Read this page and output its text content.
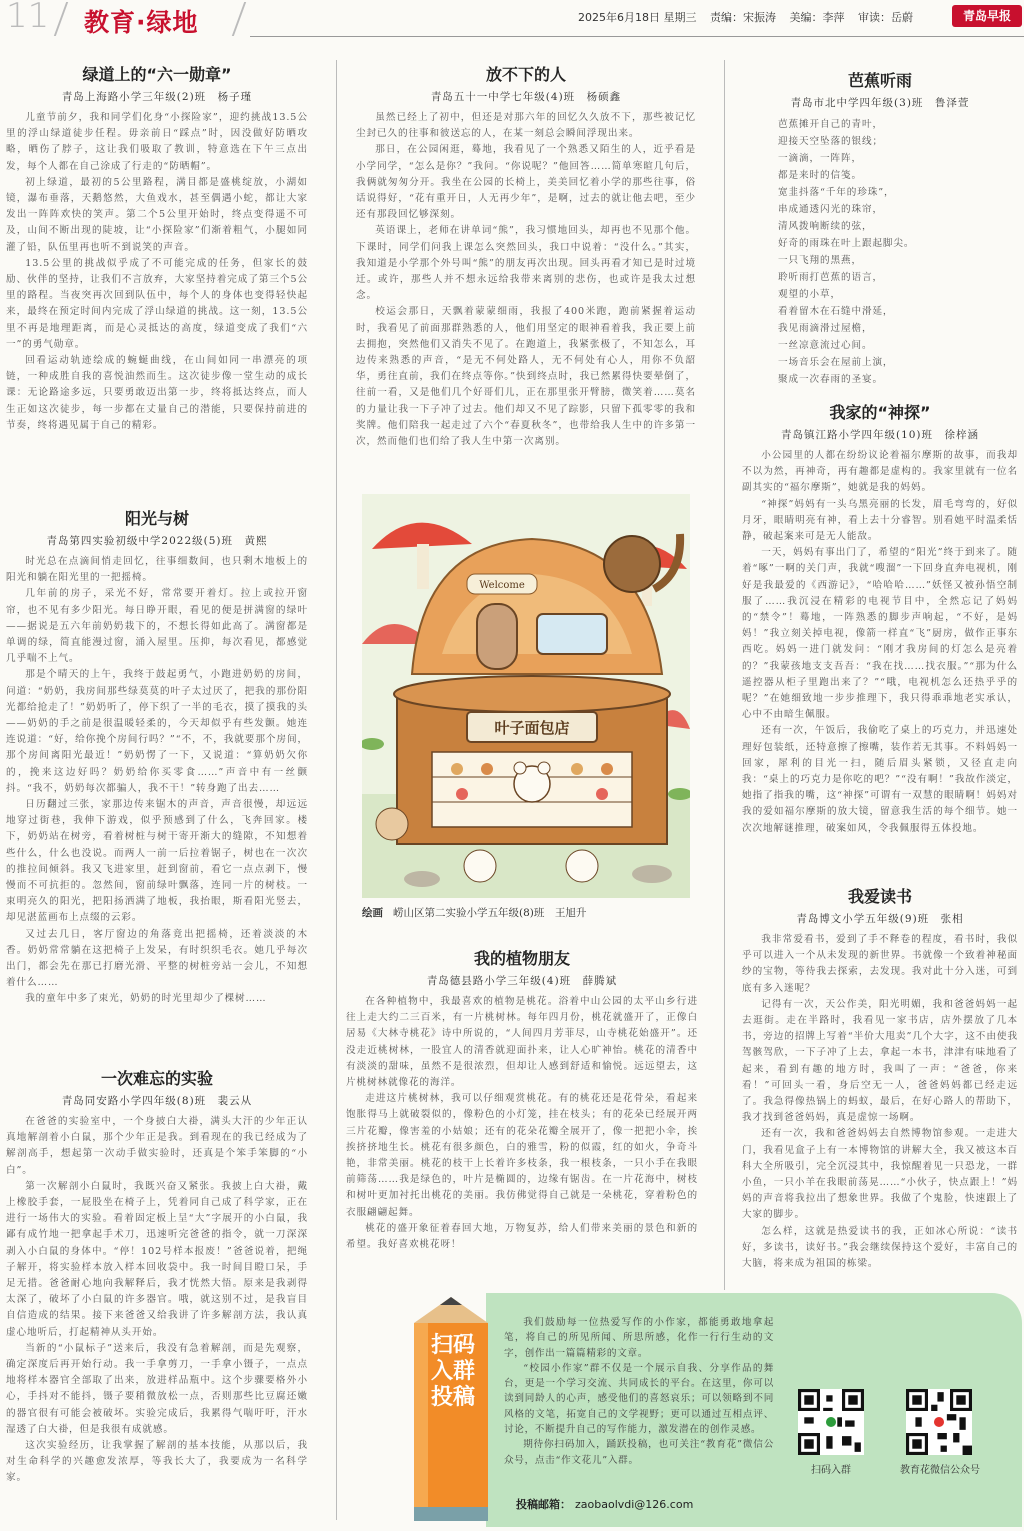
11 教育·绿地	2025年6月18日 星期三 责编：宋振涛 美编：李萍 审读：岳蔚	青岛早报
绿道上的“六一勋章”
青岛上海路小学三年级(2)班　杨子瑾

儿童节前夕，我和同学们化身“小探险家”，迎约挑战13.5公里的浮山绿道徒步任程。毋亲前日“踩点”时，因没做好防晒攻略，晒伤了脖子，这让我们吸取了教训，特意选在下午三点出发，每个人都在自己涂成了行走的“防晒帽”。

初上绿道，最初的5公里路程，满目都是盛桃绽放，小湖如镜，瀑布垂落，天鹅悠然，大鱼戏水，甚至偶遇小蛇，都让大家发出一阵阵欢快的笑声。第二个5公里开始时，终点变得遥不可及，山间不断出现的陡坡，让“小探险家”们渐着粗气，小腿如同灌了铅，队伍里再也听不到说笑的声音。

13.5公里的挑战似乎成了不可能完成的任务，但家长的鼓励、伙伴的坚持，让我们不言放弃，大家坚持着完成了第三个5公里的路程。当夜突再次回到队伍中，每个人的身体也变得轻快起来，最终在预定时间内完成了浮山绿道的挑战。这一刻，13.5公里不再是地理距离，而是心灵抵达的高度，绿道变成了我们“六一”的勇气勋章。

回看运动轨迹绘成的蜿蜒曲线，在山间如同一串漂亮的项链，一种成胜自我的喜悦油然而生。这次徒步像一堂生动的成长课：无论路途多远，只要勇敢迈出第一步，终将抵达终点，而人生正如这次徒步，每一步都在丈量自己的潜能，只要保持前进的节奏，终将遇见属于自己的精彩。

阳光与树
青岛第四实验初级中学2022级(5)班　黄熙

时光总在点滴间悄走回忆，往事细数间，也只剩木地板上的阳光和躺在阳光里的一把摇椅。

几年前的房子，采光不好，常常要开着灯。拉上或拉开窗帘，也不见有多少阳光。每日睁开眼，看见的便是拼满窗的绿叶——据说是五六年前奶奶栽下的，不想长得如此高了。满窗都是单调的绿，简直能漫过窗，涌入屋里。压抑，每次看见，都感觉几乎喘不上气。

那是个晴天的上午，我终于鼓起勇气，小跑进奶奶的房间，问道：“奶奶，我房间那些绿莫莫的叶子太过厌了，把我的那份阳光都给抢走了！”奶奶听了，停下织了一半的毛衣，摸了摸我的头——奶奶的手之前是很温暖轻柔的，今天却似乎有些发颤。她连连说道：“好，给你挽个房间行吗？”“不，不，我就要那个房间，那个房间离阳光最近！”奶奶愣了一下，又说道：“算奶奶欠你的，挽来这边好吗？奶奶给你买零食……”声音中有一丝颤抖。“我不，奶奶每次都骗人，我不干！”转身跑了出去……

日历翻过三张，家那边传来锯木的声音，声音很慢，却远远地穿过街巷，我伸下游戏，似乎预感到了什么，飞奔回家。楼下，奶奶站在树旁，看着树桩与树干寄开渐大的缝隙，不知想着些什么，什么也没说。而两人一前一后拉着锯子，树也在一次次的推拉间倾斜。我又飞进家里，赶到窗前，看它一点点剥下，慢慢而不可抗拒的。忽然间，窗前绿叶飘落，连同一片的树枝。一束明亮久的阳光，把阳扬洒满了地板，我抬眼，斯看阳光竖去，却见湛蓝画布上点缀的云彩。

又过去几日，客厅窗边的角落竟出把摇椅，还着淡淡的木香。奶奶常常躺在这把椅子上发呆，有时织织毛衣。她几乎每次出门，都会先在那已打磨光滑、平整的树桩旁站一会儿，不知想着什么……

我的童年中多了束光，奶奶的时光里却少了棵树……

一次难忘的实验
青岛同安路小学四年级(8)班　裴云从

在爸爸的实验室中，一个身披白大褂，满头大汗的少年正认真地解剖着小白鼠，那个少年正是我。到看现在的我已经成为了解剖高手，想起第一次动手做实验时，还真是个笨手笨脚的“小白”。

第一次解剖小白鼠时，我既兴奋又紧张。我披上白大褂，戴上橡胶手套，一屁股坐在椅子上，凭着同自己成了科学家，正在进行一场伟大的实验。看着固定板上呈“大”字展开的小白鼠，我鄙有成竹地一把拿起手术刀，迅速听完爸爸的指令，就一刀深深剥入小白鼠的身体中。“停！102号样本报废！”爸爸说着，把绳子解开，将实验样本放入样本回收袋中。我一时间目瞪口呆，手足无措。爸爸耐心地向我解释后，我才恍然大悟。原来是我剥得太深了，破坏了小白鼠的许多器官。哦，就这别不过，是我盲目自信造成的结果。接下来爸爸又给我讲了许多解剖方法，我认真虚心地听后，打起精神从头开始。

当新的“小鼠标子”送来后，我没有急着解剖，而是先观察，确定深度后再开始行动。我一手拿剪刀，一手拿小镊子，一点点地将样本器官全部取了出来，放进样品瓶中。这个步骤要格外小心，手抖对不能抖，镊子要稍微放松一点，否则那些比豆腐还嫩的器官很有可能会被破坏。实验完成后，我累得气喘吁吁，汗水湿透了白大褂，但是我很有成就感。

这次实验经历，让我掌握了解剖的基本技能，从那以后，我对生命科学的兴趣愈发浓厚，等我长大了，我要成为一名科学家。

放不下的人
青岛五十一中学七年级(4)班　杨硕鑫

虽然已经上了初中，但还是对那六年的回忆久久放不下，那些被记忆尘封已久的往事和彼送忘的人，在某一刻总会瞬间浮现出来。

那日，在公园闲逛，蓦地，我看见了一个熟悉又陌生的人，近乎看是小学同学，“怎么是你？”我问。“你说呢？”他回答……简单寒暄几句后，我俩就匆匆分开。我坐在公园的长椅上，美美回忆着小学的那些往事，俗话说得好，“花有重开日，人无再少年”，是啊，过去的就让他去吧，至少还有那段回忆够深刻。

英语课上，老师在讲单词“熊”，我习惯地回头，却再也不见那个他。下课时，同学们问我上课怎么突然回头，我口中说着：“没什么。”其实，我知道是小学那个外号叫“熊”的朋友再次出现。回头再看才知已是时过境迁。或许，那些人并不想永远给我带来离别的悲伤，也或许是我太过想念。

校运会那日，天飘着蒙蒙细雨，我报了400米跑，跑前紧握着运动时，我看见了前面那群熟悉的人，他们用坚定的眼神看着我，我正要上前去拥抱，突然他们又消失不见了。在跑道上，我紧张极了，不知怎么，耳边传来熟悉的声音，“是无不何处路人，无不何处有心人，用你不负韶华，勇往直前，我们在终点等你。”快到终点时，我已然累得快要晕倒了，往前一看，又是他们几个好哥们儿，正在那里张开臂膀，微笑着……莫名的力量让我一下子冲了过去。他们却又不见了踪影，只留下孤零零的我和奖牌。他们陪我一起走过了六个“春夏秋冬”，也带给我人生中的许多第一次，然而他们也们给了我人生中第一次离别。

Welcome
叶子面包店
绘画 崂山区第二实验小学五年级(8)班　王旭升
我的植物朋友
青岛德县路小学三年级(4)班　薛腾斌

在各种植物中，我最喜欢的植物是桃花。浴着中山公园的太平山乡行进往上走大约二三百米，有一片桃树林。每年四月份，桃花就盛开了，正像白居易《大林寺桃花》诗中所说的，“人间四月芳菲尽，山寺桃花始盛开”。还没走近桃树林，一股宜人的清香就迎面扑来，让人心旷神怡。桃花的清香中有淡淡的甜味，虽然不是很浓烈，但却让人感到舒适和愉悦。远远望去，这片桃树林就像花的海洋。

走进这片桃树林，我可以仔细观赏桃花。有的桃花还是花骨朵，看起来饱胀得马上就破裂似的，像粉色的小灯笼，挂在枝头；有的花朵已经展开两三片花瓣，像害羞的小姑娘；还有的花朵花瓣全展开了，像一把把小伞，挨挨挤挤地生长。桃花有很多颜色，白的雅雪，粉的似霞，红的如火，争奇斗艳，非常美丽。桃花的枝干上长着许多枝条，我一根枝条，一只小手在我眼前筛荡……我是绿色的，叶片是椭圆的，边缘有锯齿。在一片花海中，树枝和树叶更加衬托出桃花的美丽。我仿佛觉得自己就是一朵桃花，穿着粉色的衣服翩翩起舞。

桃花的盛开象征着春回大地，万物复苏，给人们带来美丽的景色和新的希望。我好喜欢桃花呀！

芭蕉听雨
青岛市北中学四年级(3)班　鲁泽萱
芭蕉摊开自己的青叶，
迎接天空坠落的银线；
一滴滴，一阵阵，
都是来时的信笺。
宽韭抖落“千年的珍珠”，
串成通透闪光的珠帘，
清风拨响断续的弦，
好奇的雨珠在叶上跟起脚尖。
一只飞翔的黑燕，
聆听雨打芭蕉的语言，
观望的小草，
看着留木在石缝中滑延，
我见雨滴滑过屋檐，
一丝凉意流过心间。
一场音乐会在屋前上演，
聚成一次春雨的圣宴。
我家的“神探”
青岛镇江路小学四年级(10)班　徐梓涵

小公园里的人都在纷纷议论着福尔摩斯的故事，而我却不以为然，再神奇，再有趣都是虚构的。我家里就有一位名副其实的“福尔摩斯”，她就是我的妈妈。

“神探”妈妈有一头乌黑亮丽的长发，眉毛弯弯的，好似月牙，眼睛明亮有神，看上去十分睿智。别看她平时温柔恬静，破起案来可是无人能敌。

一天，妈妈有事出门了，希望的“阳光”终于到来了。随着“啄”一啊的关门声，我就“嗖溜”一下回身直奔电视机，刚好是我最爱的《西游记》，“哈哈哈……”妖怪又被孙悟空制服了……我沉浸在精彩的电视节目中，全然忘记了妈妈的“禁令”！蓦地，一阵熟悉的脚步声响起，“不好，是妈妈！”我立刻关掉电视，像箭一样直“飞”厨房，做作正事东西吃。妈妈一进门就发问：“刚才我房间的灯怎么是亮着的？”我蒙孩地支支吾吾：“我在找……找衣服。”“那为什么遥控器从柜子里跑出来了？”“哦，电视机怎么还热乎乎的呢？”在她细致地一步步推理下，我只得乖乖地老实承认，心中不由暗生佩服。

还有一次，午饭后，我偷吃了桌上的巧克力，并迅速处理好包装纸，还特意擦了擦嘴，装作若无其事。不料妈妈一回家，犀利的目光一扫，随后眉头紧锁，又径直走向我：“桌上的巧克力是你吃的吧？”“没有啊！”我故作淡定，她指了指我的嘴，这“神探”可谓有一双慧的眼睛啊！妈妈对我的爱如福尔摩斯的放大镜，留意我生活的每个细节。她一次次地解谜推理，破案如风，令我佩服得五体投地。

我爱读书
青岛博文小学五年级(9)班　张相

我非常爱看书，爱到了手不释卷的程度，看书时，我似乎可以进入一个从未发现的新世界。书就像一个致着神秘面纱的宝物，等待我去探索，去发现。我对此十分入迷，可到底有多入迷呢？

记得有一次，天公作美，阳光明媚，我和爸爸妈妈一起去逛街。走在半路时，我看见一家书店，店外摆放了几本书，旁边的招牌上写着“半价大甩卖”几个大字，这不由使我驾骸驾欣，一下子冲了上去，拿起一本书，津津有味地看了起来，看到有趣的地方时，我叫了一声：“爸爸，你来看！”可回头一看，身后空无一人，爸爸妈妈都已经走远了。我急得像热锅上的蚂蚁，最后，在好心路人的帮助下，我才找到爸爸妈妈，真是虚惊一场啊。

还有一次，我和爸爸妈妈去自然博物馆参观。一走进大门，我看见盒子上有一本博物馆的讲解大全，我又被这本百科大全所吸引，完全沉浸其中，我惊醒着见一只恐龙，一群小鱼，一只小羊在我眼前荡晃……“小伙子，快点跟上！”妈妈的声音将我拉出了想象世界。我做了个鬼脸，快速跟上了大家的脚步。

怎么样，这就是热爱读书的我，正如冰心所说：“读书好，多读书，读好书。”我会继续保持这个爱好，丰富自己的大脑，将来成为祖国的栋梁。

扫码入群投稿

我们鼓励每一位热爱写作的小作家，都能勇敢地拿起笔，将自己的所见所闻、所思所感，化作一行行生动的文字，创作出一篇篇精彩的文章。

“校园小作家”群不仅是一个展示自我、分享作品的舞台，更是一个学习交流、共同成长的平台。在这里，你可以读到同龄人的心声，感受他们的喜怒哀乐；可以领略到不同风格的文笔，拓宽自己的文学视野；更可以通过互相点评、讨论，不断提升自己的写作能力，激发潜在的创作灵感。

期待你扫码加入，踊跃投稿，也可关注“教育花”微信公众号，点击“作文花儿”入群。

投稿邮箱： zaobaolvdi@126.com
扫码入群	教育花微信公众号
